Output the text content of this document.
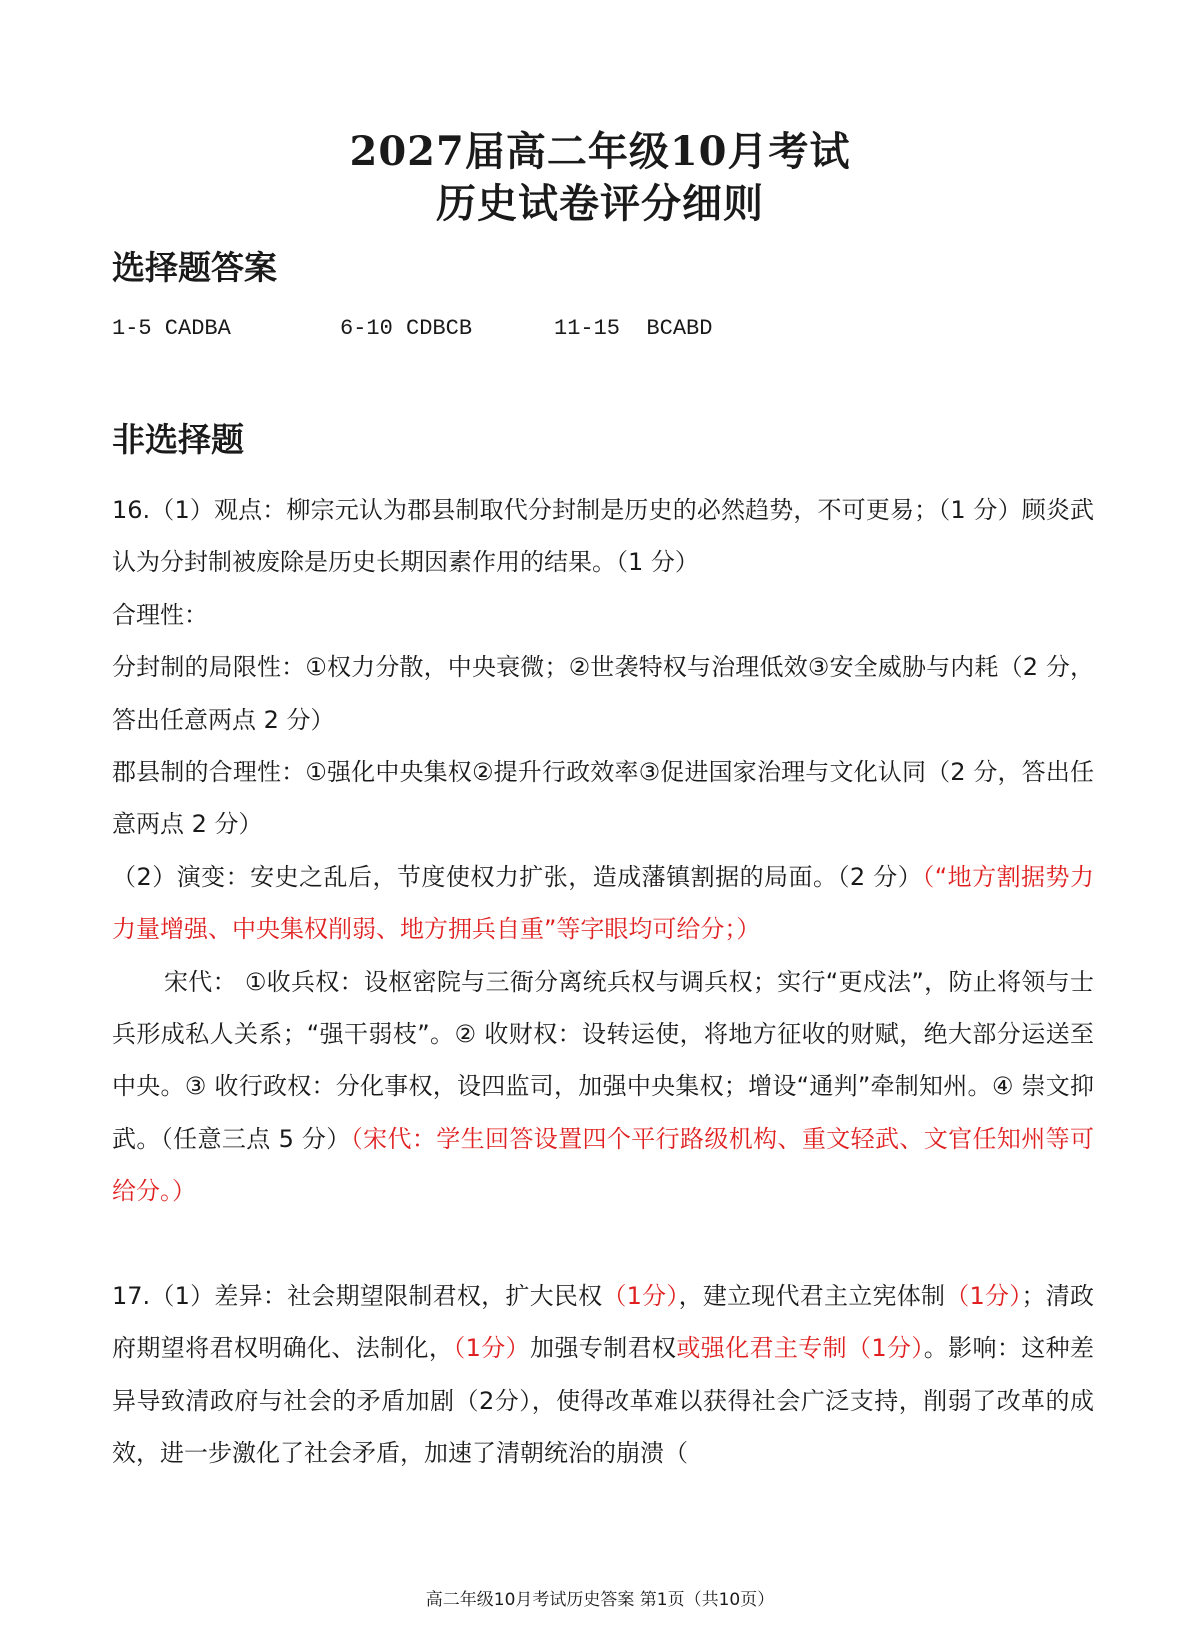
2027届高二年级10月考试
历史试卷评分细则
选择题答案
1-5 CADBA	6-10 CDBCB	11-15  BCABD
非选择题

16.（1）观点：柳宗元认为郡县制取代分封制是历史的必然趋势，不可更易；（1 分）顾炎武认为分封制被废除是历史长期因素作用的结果。（1 分）

合理性：

分封制的局限性：①权力分散，中央衰微；②世袭特权与治理低效③安全威胁与内耗（2 分，答出任意两点 2 分）

郡县制的合理性：①强化中央集权②提升行政效率③促进国家治理与文化认同（2 分，答出任意两点 2 分）

（2）演变：安史之乱后，节度使权力扩张，造成藩镇割据的局面。（2 分）（“地方割据势力力量增强、中央集权削弱、地方拥兵自重”等字眼均可给分；）

宋代： ①收兵权：设枢密院与三衙分离统兵权与调兵权；实行“更戍法”，防止将领与士兵形成私人关系；“强干弱枝”。② 收财权：设转运使，将地方征收的财赋，绝大部分运送至中央。③ 收行政权：分化事权，设四监司，加强中央集权；增设“通判”牵制知州。④ 崇文抑武。（任意三点 5 分）（宋代：学生回答设置四个平行路级机构、重文轻武、文官任知州等可给分。）

17.（1）差异：社会期望限制君权，扩大民权（1分），建立现代君主立宪体制（1分）；清政府期望将君权明确化、法制化，（1分）加强专制君权或强化君主专制（1分）。影响：这种差异导致清政府与社会的矛盾加剧（2分），使得改革难以获得社会广泛支持，削弱了改革的成效，进一步激化了社会矛盾，加速了清朝统治的崩溃（

高二年级10月考试历史答案 第1页（共10页）
